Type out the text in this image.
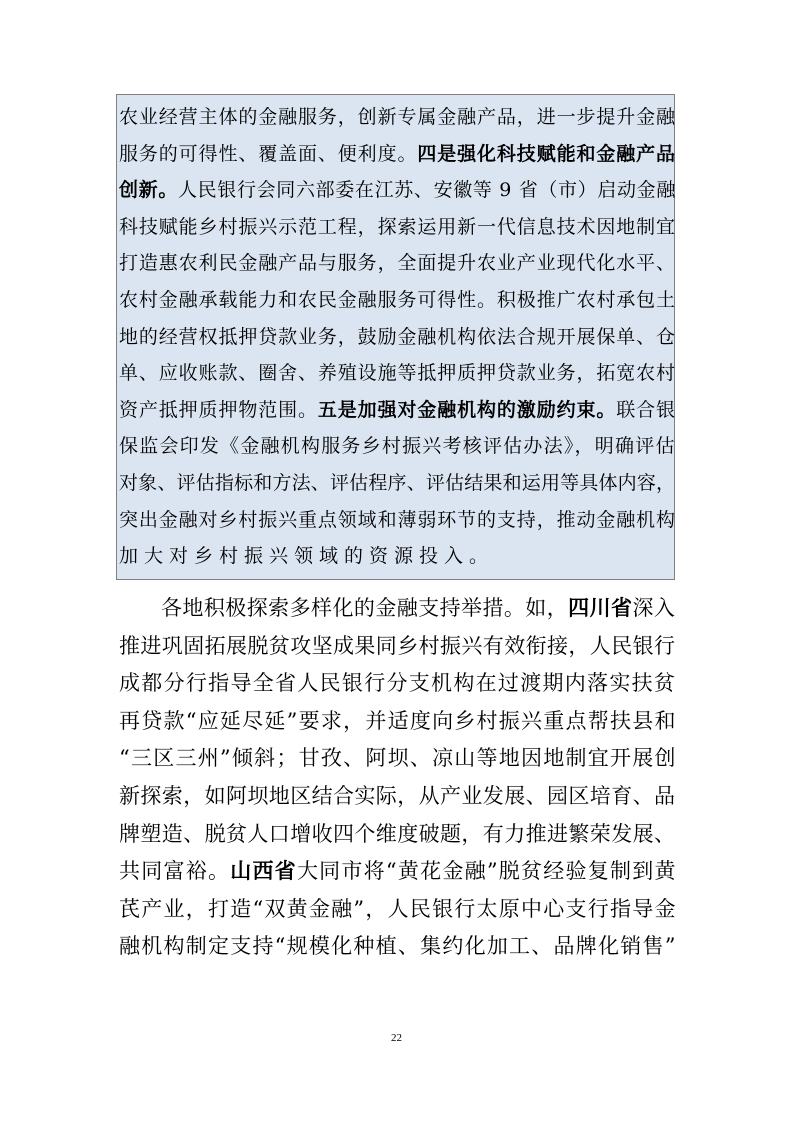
农业经营主体的金融服务，创新专属金融产品，进一步提升金融
服务的可得性、覆盖面、便利度。四是强化科技赋能和金融产品
创新。人民银行会同六部委在江苏、安徽等 9 省（市）启动金融
科技赋能乡村振兴示范工程，探索运用新一代信息技术因地制宜
打造惠农利民金融产品与服务，全面提升农业产业现代化水平、
农村金融承载能力和农民金融服务可得性。积极推广农村承包土
地的经营权抵押贷款业务，鼓励金融机构依法合规开展保单、仓
单、应收账款、圈舍、养殖设施等抵押质押贷款业务，拓宽农村
资产抵押质押物范围。五是加强对金融机构的激励约束。联合银
保监会印发《金融机构服务乡村振兴考核评估办法》，明确评估
对象、评估指标和方法、评估程序、评估结果和运用等具体内容，
突出金融对乡村振兴重点领域和薄弱环节的支持，推动金融机构
加大对乡村振兴领域的资源投入。
各地积极探索多样化的金融支持举措。如，四川省深入
推进巩固拓展脱贫攻坚成果同乡村振兴有效衔接，人民银行
成都分行指导全省人民银行分支机构在过渡期内落实扶贫
再贷款“应延尽延”要求，并适度向乡村振兴重点帮扶县和
“三区三州”倾斜；甘孜、阿坝、凉山等地因地制宜开展创
新探索，如阿坝地区结合实际，从产业发展、园区培育、品
牌塑造、脱贫人口增收四个维度破题，有力推进繁荣发展、
共同富裕。山西省大同市将“黄花金融”脱贫经验复制到黄
芪产业，打造“双黄金融”，人民银行太原中心支行指导金
融机构制定支持“规模化种植、集约化加工、品牌化销售”
22
